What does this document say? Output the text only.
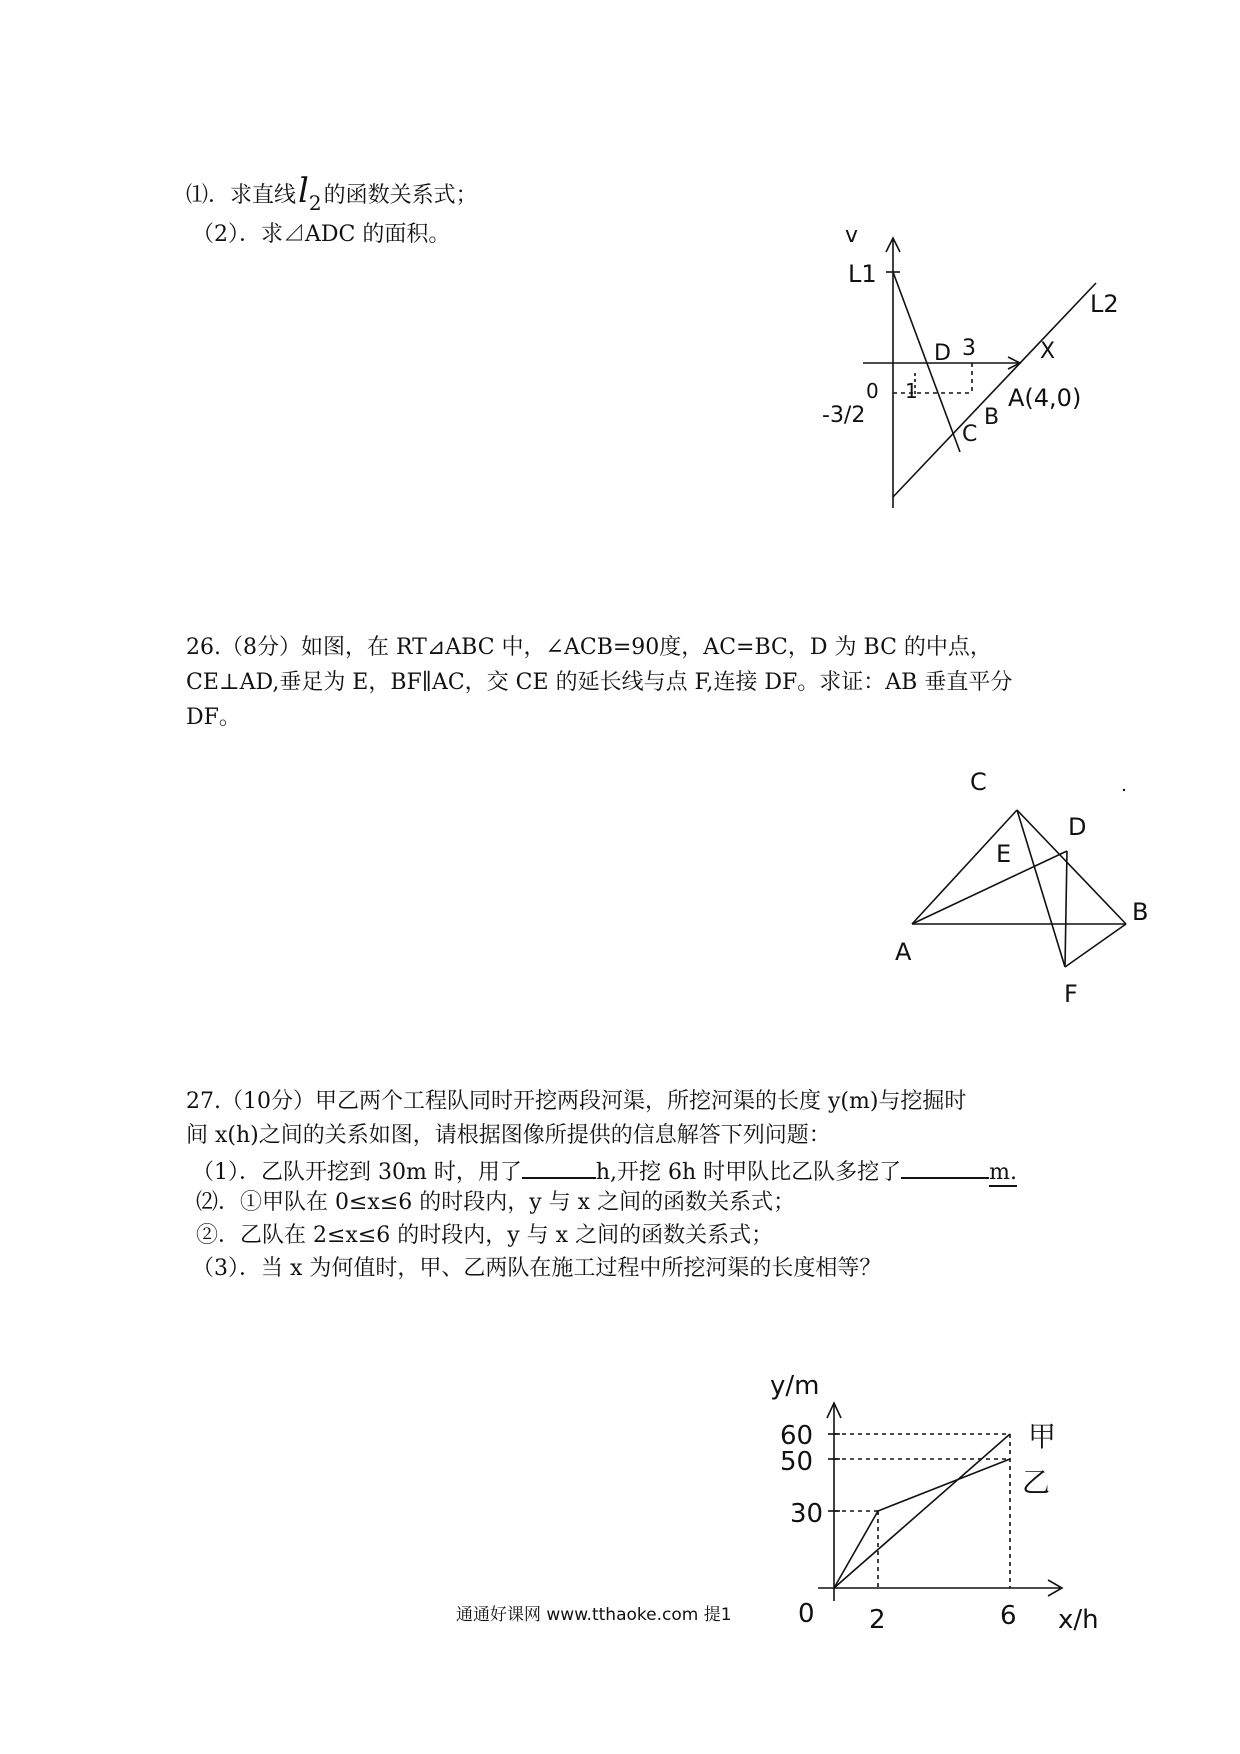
⑴．求直线$l_2$的函数关系式；
（2）．求⊿ADC 的面积。	v
L1
L2
X
D 3
0 1
-3/2	B
C
A(4,0)
26.（8分）如图，在 RT⊿ABC 中，∠ACB=90度，AC=BC，D 为 BC 的中点，
CE⊥AD,垂足为 E，BF∥AC，交 CE 的延长线与点 F,连接 DF。求证：AB 垂直平分
DF。
C
D
E
A
B
F
27.（10分）甲乙两个工程队同时开挖两段河渠，所挖河渠的长度 y(m)与挖掘时
间 x(h)之间的关系如图，请根据图像所提供的信息解答下列问题：
（1）．乙队开挖到 30m 时，用了	h,开挖 6h 时甲队比乙队多挖了	m.
⑵．①甲队在 0≤x≤6 的时段内，y 与 x 之间的函数关系式；
②．乙队在 2≤x≤6 的时段内，y 与 x 之间的函数关系式；
（3）．当 x 为何值时，甲、乙两队在施工过程中所挖河渠的长度相等？
y/m
60
50
30
0 2	6 x/h
甲
乙
通通好课网 www.tthaoke.com 提1
